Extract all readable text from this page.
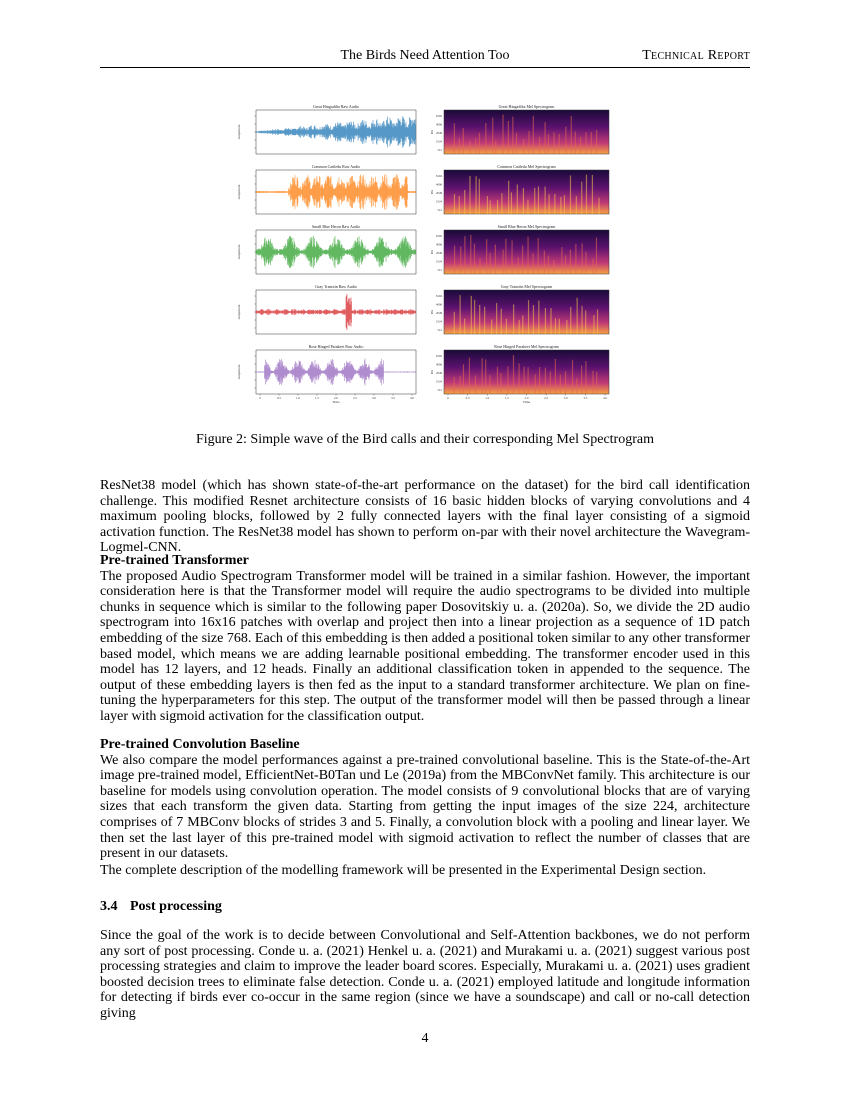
The Birds Need Attention Too	Technical Report
Great Hingadilta Raw Audio
Amplitude
Great Hingadilta Mel Spectrogram
8192
4096
2048
1024
512
Hz
Common Cattledu Raw Audio
Amplitude
Common Cattledu Mel Spectrogram
8192
4096
2048
1024
512
Hz
Small Blue Heron Raw Audio
Amplitude
Small Blue Heron Mel Spectrogram
8192
4096
2048
1024
512
Hz
Gray Tranotin Raw Audio
Amplitude
Gray Tranotin Mel Spectrogram
8192
4096
2048
1024
512
Hz
Rose Hinged Parakeet Raw Audio
Amplitude
Rose Hinged Parakeet Mel Spectrogram
8192
4096
2048
1024
512
Hz
0	0.5	1.0	1.5	2.0	2.5	3.0	3.5	4.0
Time
0	0.5	1.0	1.5	2.0	2.5	3.0	3.5	4.0
Time
Figure 2: Simple wave of the Bird calls and their corresponding Mel Spectrogram

ResNet38 model (which has shown state-of-the-art performance on the dataset) for the bird call identification challenge. This modified Resnet architecture consists of 16 basic hidden blocks of varying convolutions and 4 maximum pooling blocks, followed by 2 fully connected layers with the final layer consisting of a sigmoid activation function. The ResNet38 model has shown to perform on-par with their novel architecture the Wavegram-Logmel-CNN.

Pre-trained Transformer

The proposed Audio Spectrogram Transformer model will be trained in a similar fashion. However, the important consideration here is that the Transformer model will require the audio spectrograms to be divided into multiple chunks in sequence which is similar to the following paper Dosovitskiy u. a. (2020a). So, we divide the 2D audio spectrogram into 16x16 patches with overlap and project then into a linear projection as a sequence of 1D patch embedding of the size 768. Each of this embedding is then added a positional token similar to any other transformer based model, which means we are adding learnable positional embedding. The transformer encoder used in this model has 12 layers, and 12 heads. Finally an additional classification token in appended to the sequence. The output of these embedding layers is then fed as the input to a standard transformer architecture. We plan on fine-tuning the hyperparameters for this step. The output of the transformer model will then be passed through a linear layer with sigmoid activation for the classification output.

Pre-trained Convolution Baseline

We also compare the model performances against a pre-trained convolutional baseline. This is the State-of-the-Art image pre-trained model, EfficientNet-B0Tan und Le (2019a) from the MBConvNet family. This architecture is our baseline for models using convolution operation. The model consists of 9 convolutional blocks that are of varying sizes that each transform the given data. Starting from getting the input images of the size 224, architecture comprises of 7 MBConv blocks of strides 3 and 5. Finally, a convolution block with a pooling and linear layer. We then set the last layer of this pre-trained model with sigmoid activation to reflect the number of classes that are present in our datasets.

The complete description of the modelling framework will be presented in the Experimental Design section.

3.4 Post processing

Since the goal of the work is to decide between Convolutional and Self-Attention backbones, we do not perform any sort of post processing. Conde u. a. (2021) Henkel u. a. (2021) and Murakami u. a. (2021) suggest various post processing strategies and claim to improve the leader board scores. Especially, Murakami u. a. (2021) uses gradient boosted decision trees to eliminate false detection. Conde u. a. (2021) employed latitude and longitude information for detecting if birds ever co-occur in the same region (since we have a soundscape) and call or no-call detection giving

4
